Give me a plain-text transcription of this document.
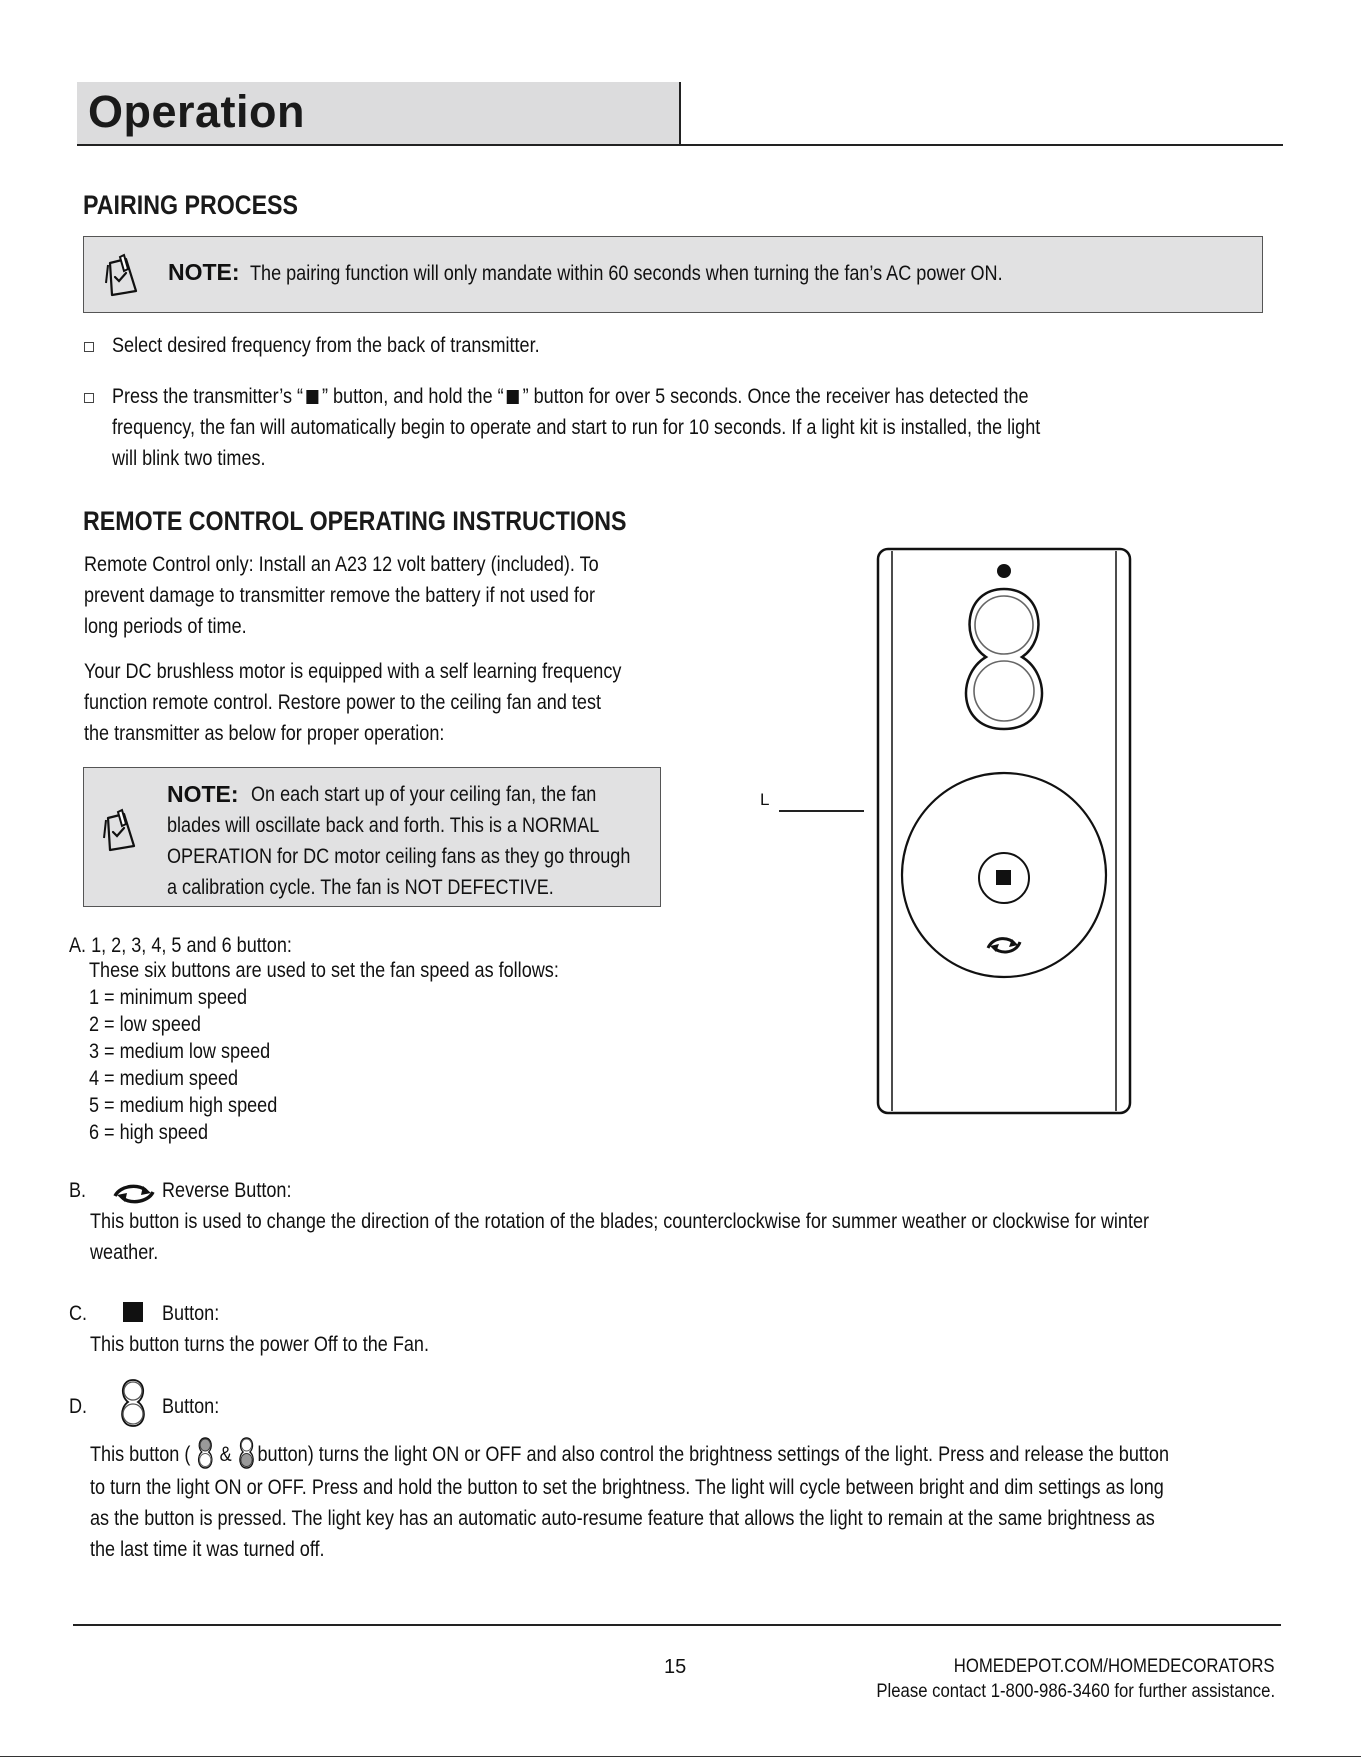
Operation
PAIRING PROCESS
NOTE: The pairing function will only mandate within 60 seconds when turning the fan’s AC power ON.
Select desired frequency from the back of transmitter.
Press the transmitter’s “ ” button, and hold the “ ” button for over 5 seconds. Once the receiver has detected the
frequency, the fan will automatically begin to operate and start to run for 10 seconds. If a light kit is installed, the light
will blink two times.
REMOTE CONTROL OPERATING INSTRUCTIONS
Remote Control only: Install an A23 12 volt battery (included). To
prevent damage to transmitter remove the battery if not used for
long periods of time.
Your DC brushless motor is equipped with a self learning frequency
function remote control. Restore power to the ceiling fan and test
the transmitter as below for proper operation:
NOTE: On each start up of your ceiling fan, the fan
blades will oscillate back and forth. This is a NORMAL
OPERATION for DC motor ceiling fans as they go through
a calibration cycle. The fan is NOT DEFECTIVE.
L
A. 1, 2, 3, 4, 5 and 6 button:
These six buttons are used to set the fan speed as follows:
1 = minimum speed
2 = low speed
3 = medium low speed
4 = medium speed
5 = medium high speed
6 = high speed
B.	Reverse Button:
This button is used to change the direction of the rotation of the blades; counterclockwise for summer weather or clockwise for winter
weather.
C.	Button:
This button turns the power Off to the Fan.
D.	Button:
This button ( & button) turns the light ON or OFF and also control the brightness settings of the light. Press and release the button
to turn the light ON or OFF. Press and hold the button to set the brightness. The light will cycle between bright and dim settings as long
as the button is pressed. The light key has an automatic auto-resume feature that allows the light to remain at the same brightness as
the last time it was turned off.
15	HOMEDEPOT.COM/HOMEDECORATORS
Please contact 1-800-986-3460 for further assistance.
